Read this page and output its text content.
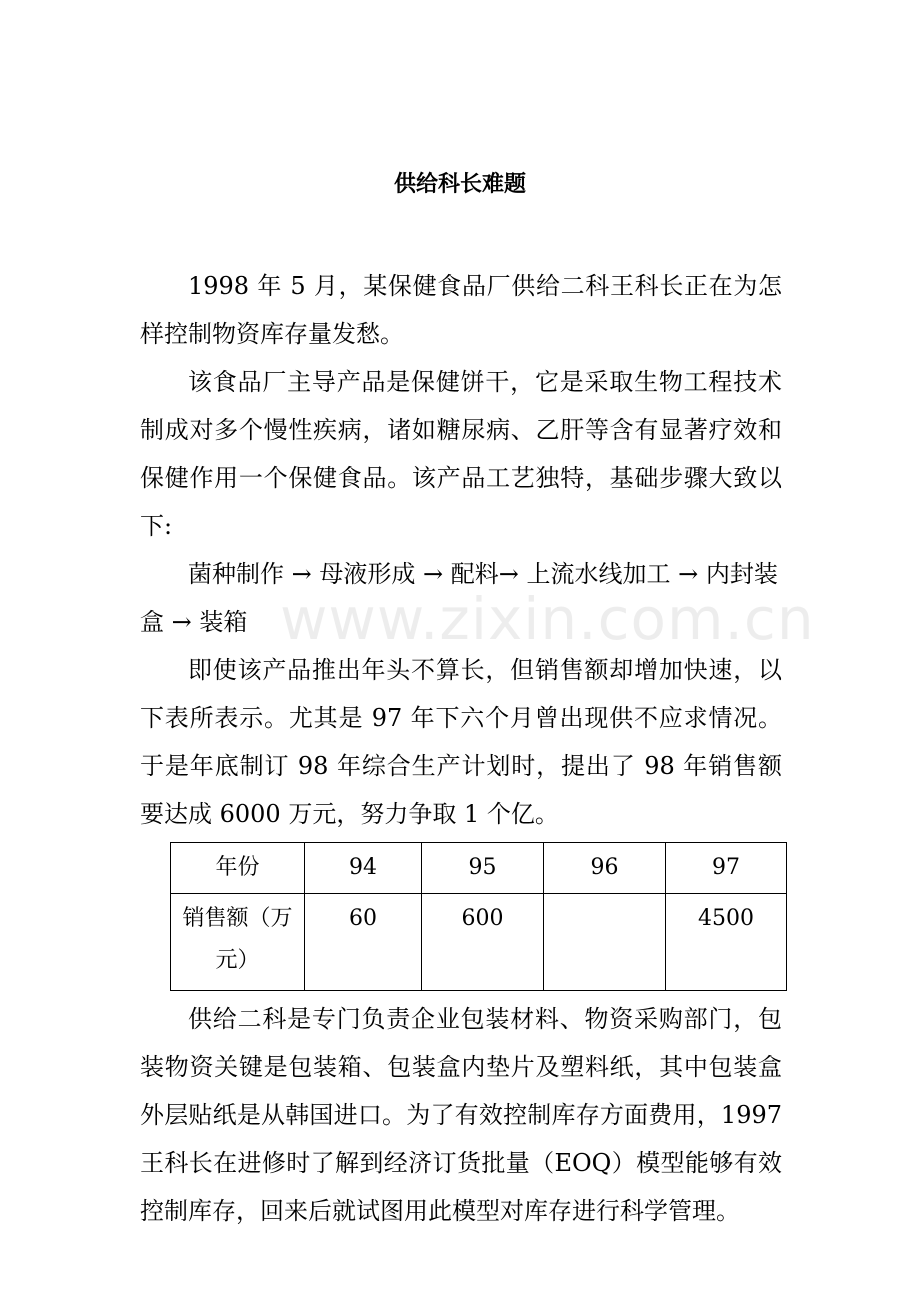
供给科长难题

1998 年 5 月，某保健食品厂供给二科王科长正在为怎样控制物资库存量发愁。

该食品厂主导产品是保健饼干，它是采取生物工程技术制成对多个慢性疾病，诸如糖尿病、乙肝等含有显著疗效和保健作用一个保健食品。该产品工艺独特，基础步骤大致以下:

菌种制作 → 母液形成 → 配料→ 上流水线加工 → 内封装盒 → 装箱

即使该产品推出年头不算长，但销售额却增加快速，以下表所表示。尤其是 97 年下六个月曾出现供不应求情况。于是年底制订 98 年综合生产计划时，提出了 98 年销售额要达成 6000 万元，努力争取 1 个亿。

年份	94	95	96	97
销售额（万元）	60	600		4500

供给二科是专门负责企业包装材料、物资采购部门，包装物资关键是包装箱、包装盒内垫片及塑料纸，其中包装盒外层贴纸是从韩国进口。为了有效控制库存方面费用，1997 王科长在进修时了解到经济订货批量（EOQ）模型能够有效控制库存，回来后就试图用此模型对库存进行科学管理。

www.zixin.com.cn
